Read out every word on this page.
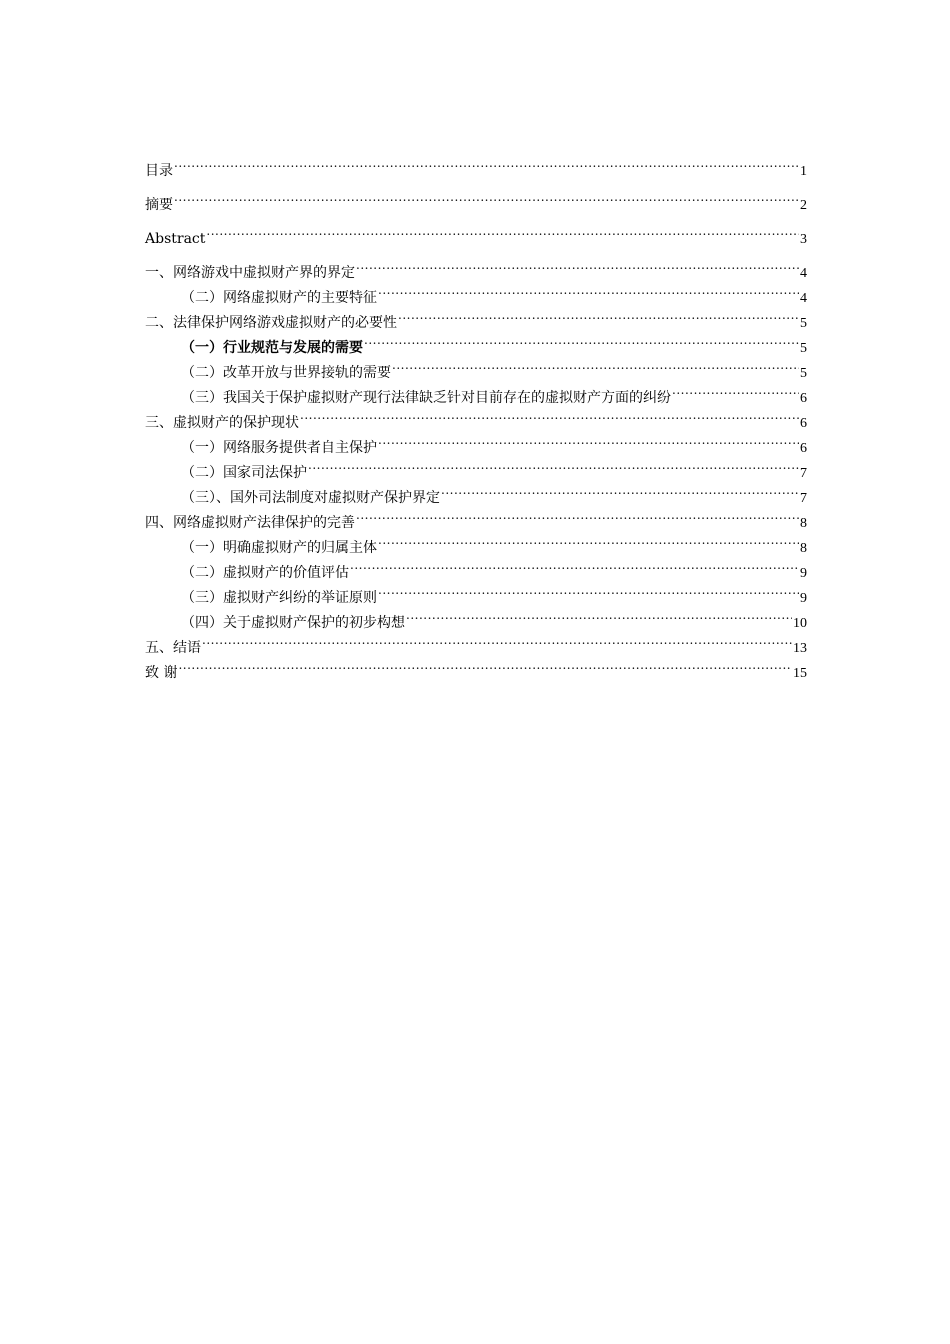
目录 .....	1
摘要 .....	2
Abstract .....	3
一、网络游戏中虚拟财产界的界定 .....	4
（二）网络虚拟财产的主要特征 .....	4
二、法律保护网络游戏虚拟财产的必要性 .....	5
（一）行业规范与发展的需要 .....	5
（二）改革开放与世界接轨的需要 .....	5
（三）我国关于保护虚拟财产现行法律缺乏针对目前存在的虚拟财产方面的纠纷 .....	6
三、虚拟财产的保护现状 .....	6
（一）网络服务提供者自主保护 .....	6
（二）国家司法保护 .....	7
（三）、国外司法制度对虚拟财产保护界定 .....	7
四、网络虚拟财产法律保护的完善 .....	8
（一）明确虚拟财产的归属主体 .....	8
（二）虚拟财产的价值评估 .....	9
（三）虚拟财产纠纷的举证原则 .....	9
（四）关于虚拟财产保护的初步构想 .....	10
五、结语 .....	13
致 谢 .....	15
